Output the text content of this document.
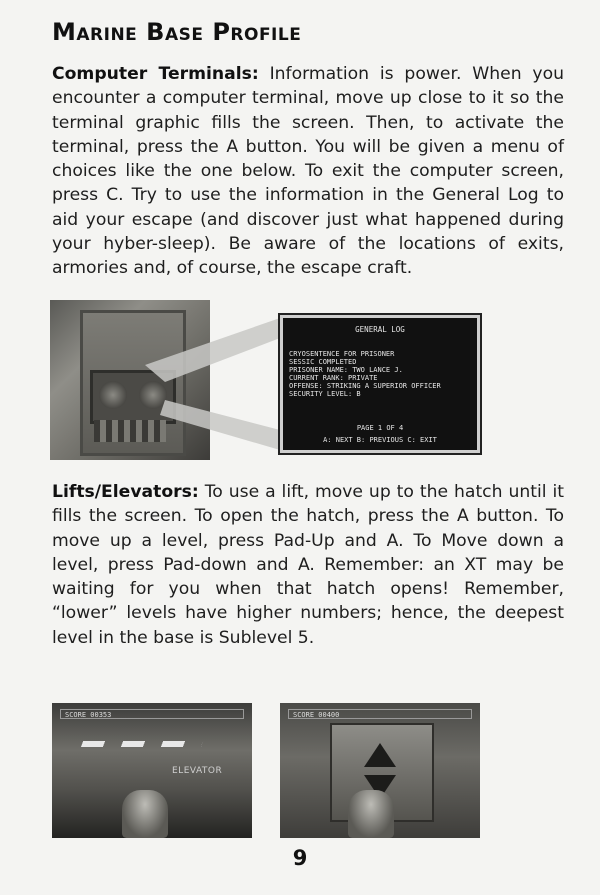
Marine Base Profile

Computer Terminals: Information is power. When you encounter a computer terminal, move up close to it so the terminal graphic fills the screen. Then, to activate the terminal, press the A button. You will be given a menu of choices like the one below. To exit the computer screen, press C. Try to use the information in the General Log to aid your escape (and discover just what happened during your hyber-sleep). Be aware of the locations of exits, armories and, of course, the escape craft.

GENERAL LOG
CRYOSENTENCE FOR PRISONER
SESSIC COMPLETED
PRISONER NAME: TWO LANCE J.
CURRENT RANK: PRIVATE
OFFENSE: STRIKING A SUPERIOR OFFICER
SECURITY LEVEL: B
PAGE 1 OF 4
A: NEXT B: PREVIOUS C: EXIT

Lifts/Elevators: To use a lift, move up to the hatch until it fills the screen. To open the hatch, press the A button. To move up a level, press Pad-Up and A. To Move down a level, press Pad-down and A. Remember: an XT may be waiting for you when that hatch opens! Remember, “lower” levels have higher numbers; hence, the deepest level in the base is Sublevel 5.

SCORE 00353
ELEVATOR
SCORE 00400
9
